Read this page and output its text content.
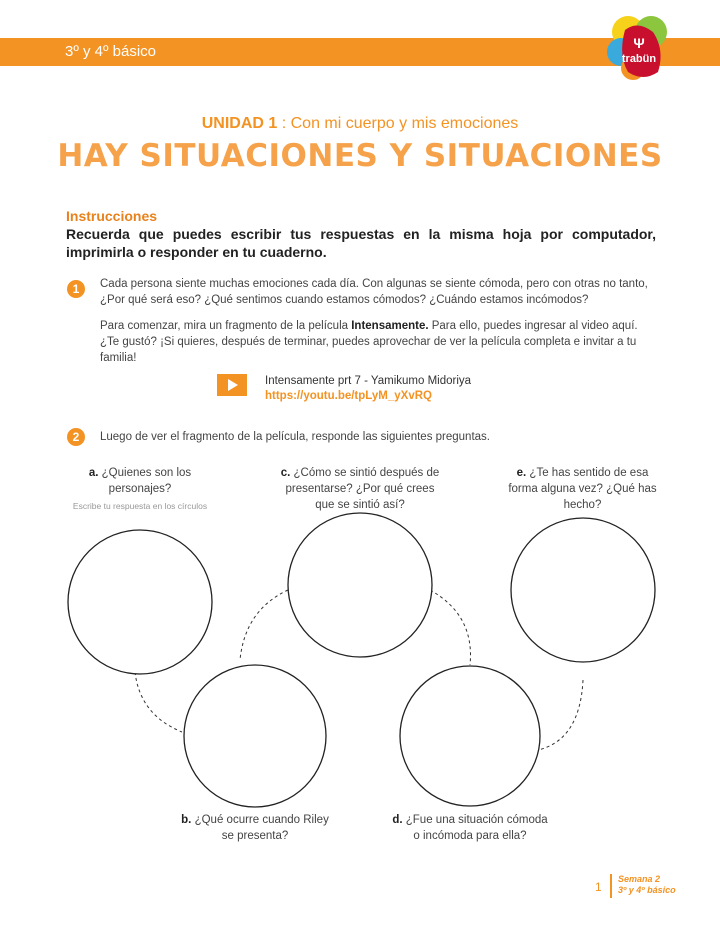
3º y 4º básico	trabün
Ψ
UNIDAD 1 : Con mi cuerpo y mis emociones
HAY SITUACIONES Y SITUACIONES
Instrucciones
Recuerda que puedes escribir tus respuestas en la misma hoja por computador, imprimirla o responder en tu cuaderno.
1	Cada persona siente muchas emociones cada día. Con algunas se siente cómoda, pero con otras no tanto, ¿Por qué será eso? ¿Qué sentimos cuando estamos cómodos? ¿Cuándo estamos incómodos?
Para comenzar, mira un fragmento de la película Intensamente. Para ello, puedes ingresar al video aquí. ¿Te gustó? ¡Si quieres, después de terminar, puedes aprovechar de ver la película completa e invitar a tu familia!
Intensamente prt 7 - Yamikumo Midoriya
https://youtu.be/tpLyM_yXvRQ
2	Luego de ver el fragmento de la película, responde las siguientes preguntas.
a. ¿Quienes son los personajes?
Escribe tu respuesta en los círculos
c. ¿Cómo se sintió después de presentarse? ¿Por qué crees que se sintió así?
e. ¿Te has sentido de esa forma alguna vez? ¿Qué has hecho?
b. ¿Qué ocurre cuando Riley se presenta?
d. ¿Fue una situación cómoda o incómoda para ella?
1
Semana 2
3º y 4º básico
